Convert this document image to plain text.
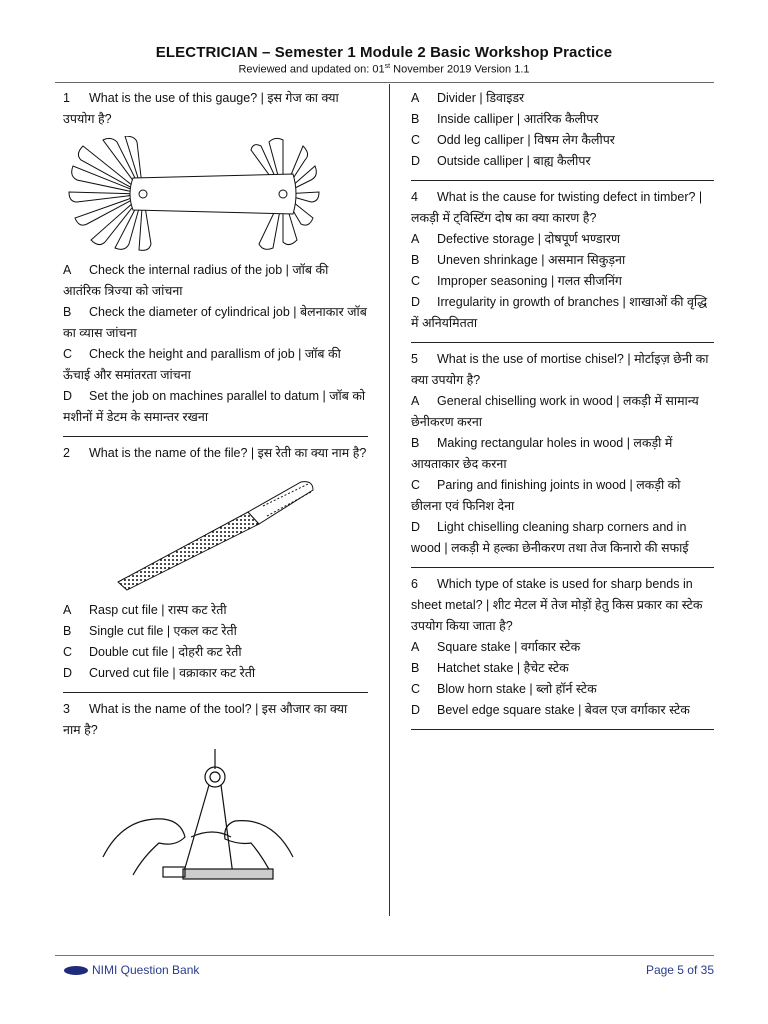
ELECTRICIAN – Semester 1 Module 2 Basic Workshop Practice
Reviewed and updated on: 01st November 2019 Version 1.1
1 What is the use of this gauge? | इस गेज का क्या उपयोग है?
A Check the internal radius of the job | जॉब की आतंरिक त्रिज्या को जांचना
B Check the diameter of cylindrical job | बेलनाकार जॉब का व्यास जांचना
C Check the height and parallism of job | जॉब की ऊँचाई और समांतरता जांचना
D Set the job on machines parallel to datum | जॉब को मशीनों में डेटम के समान्तर रखना
2 What is the name of the file? | इस रेती का क्या नाम है?
A Rasp cut file | रास्प कट रेती
B Single cut file | एकल कट रेती
C Double cut file | दोहरी कट रेती
D Curved cut file | वक्राकार कट रेती
3 What is the name of the tool? | इस औजार का क्या नाम है?
A Divider | डिवाइडर
B Inside calliper | आतंरिक कैलीपर
C Odd leg calliper | विषम लेग कैलीपर
D Outside calliper | बाह्य कैलीपर
4 What is the cause for twisting defect in timber? | लकड़ी में ट्विस्टिंग दोष का क्या कारण है?
A Defective storage | दोषपूर्ण भण्डारण
B Uneven shrinkage | असमान सिकुड़ना
C Improper seasoning | गलत सीजनिंग
D Irregularity in growth of branches | शाखाओं की वृद्धि में अनियमितता
5 What is the use of mortise chisel? | मोर्टाइज़ छेनी का क्या उपयोग है?
A General chiselling work in wood | लकड़ी में सामान्य छेनीकरण करना
B Making rectangular holes in wood | लकड़ी में आयताकार छेद करना
C Paring and finishing joints in wood | लकड़ी को छीलना एवं फिनिश देना
D Light chiselling cleaning sharp corners and in wood | लकड़ी मे हल्का छेनीकरण तथा तेज किनारो की सफाई
6 Which type of stake is used for sharp bends in sheet metal? | शीट मेटल में तेज मोड़ों हेतु किस प्रकार का स्टेक उपयोग किया जाता है?
A Square stake | वर्गाकार स्टेक
B Hatchet stake | हैचेट स्टेक
C Blow horn stake | ब्लो हॉर्न स्टेक
D Bevel edge square stake | बेवल एज वर्गाकार स्टेक
NIMI Question Bank	Page 5 of 35
